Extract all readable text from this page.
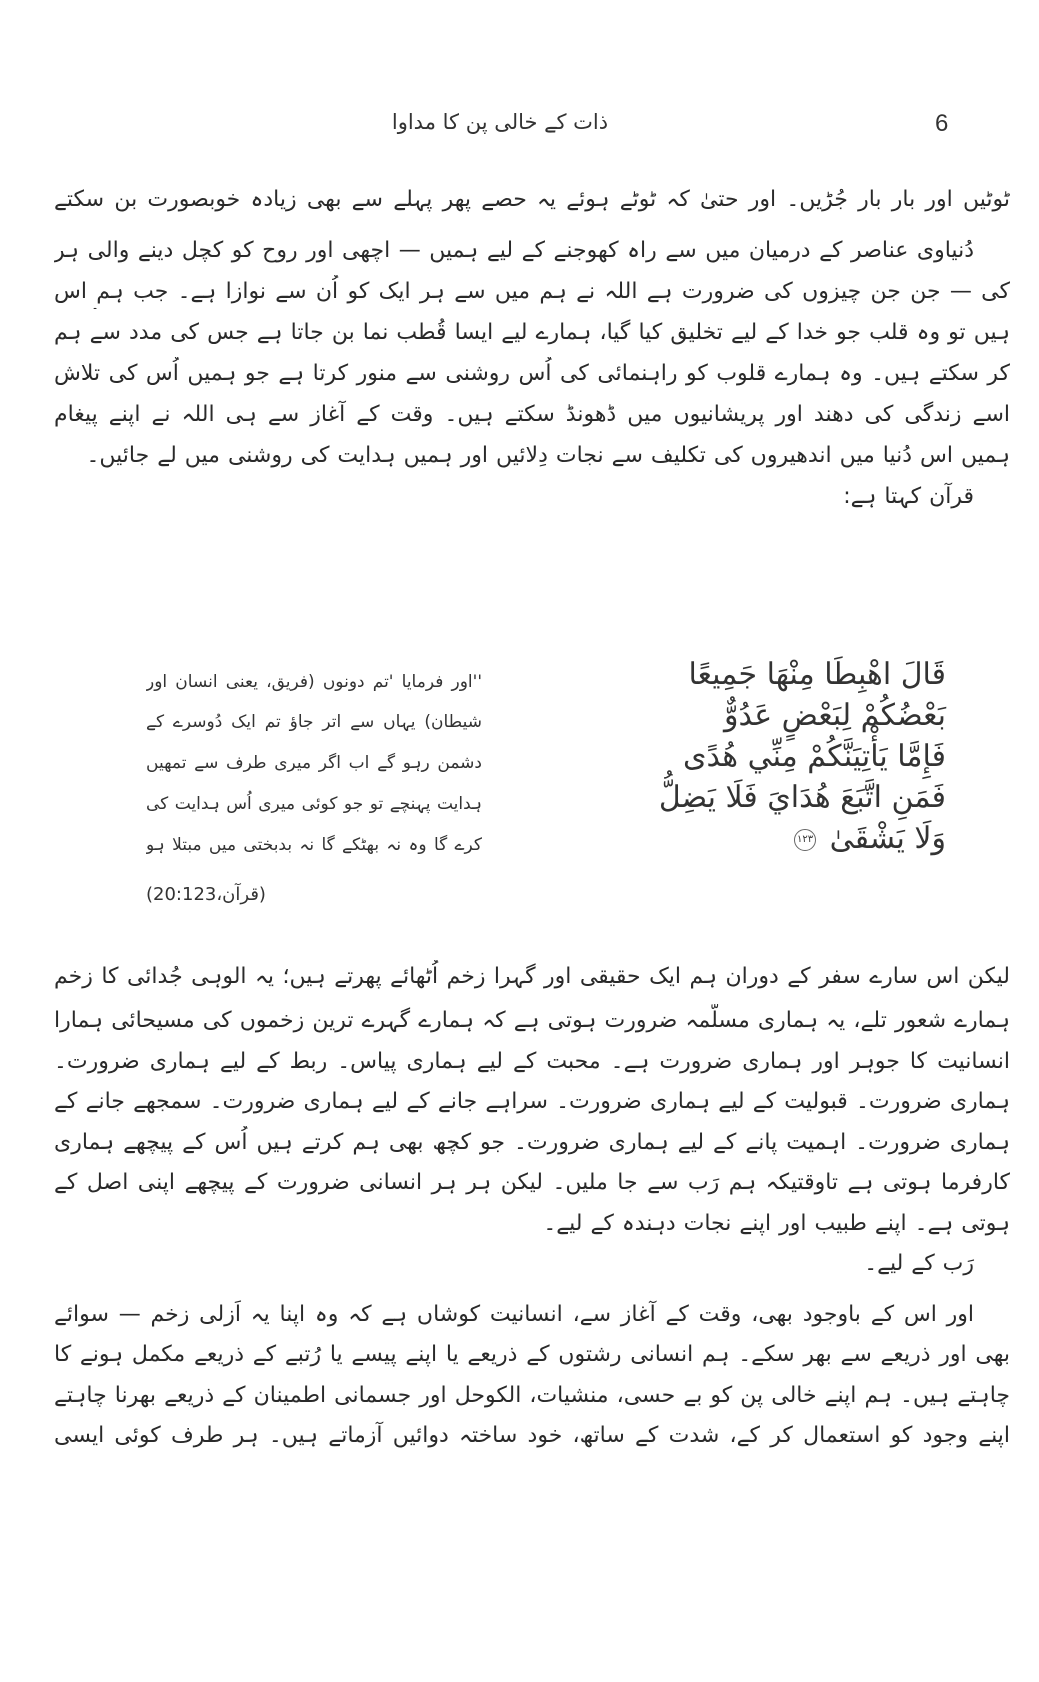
6
ذات کے خالی پن کا مداوا
ٹوٹیں اور بار بار جُڑیں۔ اور حتیٰ کہ ٹوٹے ہوئے یہ حصے پھر پہلے سے بھی زیادہ خوبصورت بن سکتے
دُنیاوی عناصر کے درمیان میں سے راہ کھوجنے کے لیے ہمیں — اچھی اور روح کو کچل دینے والی ہر
کی — جن جن چیزوں کی ضرورت ہے اللہ نے ہم میں سے ہر ایک کو اُن سے نوازا ہے۔ جب ہم اس
ہیں تو وہ قلب جو خدا کے لیے تخلیق کیا گیا، ہمارے لیے ایسا قُطب نما بن جاتا ہے جس کی مدد سے ہم
کر سکتے ہیں۔ وہ ہمارے قلوب کو راہنمائی کی اُس روشنی سے منور کرتا ہے جو ہمیں اُس کی تلاش
اسے زندگی کی دھند اور پریشانیوں میں ڈھونڈ سکتے ہیں۔ وقت کے آغاز سے ہی اللہ نے اپنے پیغام
ہمیں اس دُنیا میں اندھیروں کی تکلیف سے نجات دِلائیں اور ہمیں ہدایت کی روشنی میں لے جائیں۔
قرآن کہتا ہے:
قَالَ اهْبِطَا مِنْهَا جَمِيعًا
بَعْضُكُمْ لِبَعْضٍ عَدُوٌّ
فَإِمَّا يَأْتِيَنَّكُمْ مِنِّي هُدًى
فَمَنِ اتَّبَعَ هُدَايَ فَلَا يَضِلُّ
وَلَا يَشْقَىٰ ١٢٣
''اور فرمایا 'تم دونوں (فریق، یعنی انسان اور
شیطان) یہاں سے اتر جاؤ تم ایک دُوسرے کے
دشمن رہو گے اب اگر میری طرف سے تمھیں
ہدایت پہنچے تو جو کوئی میری اُس ہدایت کی
کرے گا وہ نہ بھٹکے گا نہ بدبختی میں مبتلا ہو
(قرآن،20:123)
لیکن اس سارے سفر کے دوران ہم ایک حقیقی اور گہرا زخم اُٹھائے پھرتے ہیں؛ یہ الوہی جُدائی کا زخم
ہمارے شعور تلے، یہ ہماری مسلّمہ ضرورت ہوتی ہے کہ ہمارے گہرے ترین زخموں کی مسیحائی ہمارا
انسانیت کا جوہر اور ہماری ضرورت ہے۔ محبت کے لیے ہماری پیاس۔ ربط کے لیے ہماری ضرورت۔
ہماری ضرورت۔ قبولیت کے لیے ہماری ضرورت۔ سراہے جانے کے لیے ہماری ضرورت۔ سمجھے جانے کے
ہماری ضرورت۔ اہمیت پانے کے لیے ہماری ضرورت۔ جو کچھ بھی ہم کرتے ہیں اُس کے پیچھے ہماری
کارفرما ہوتی ہے تاوقتیکہ ہم رَب سے جا ملیں۔ لیکن ہر ہر انسانی ضرورت کے پیچھے اپنی اصل کے
ہوتی ہے۔ اپنے طبیب اور اپنے نجات دہندہ کے لیے۔
رَب کے لیے۔
اور اس کے باوجود بھی، وقت کے آغاز سے، انسانیت کوشاں ہے کہ وہ اپنا یہ اَزلی زخم — سوائے
بھی اور ذریعے سے بھر سکے۔ ہم انسانی رشتوں کے ذریعے یا اپنے پیسے یا رُتبے کے ذریعے مکمل ہونے کا
چاہتے ہیں۔ ہم اپنے خالی پن کو بے حسی، منشیات، الکوحل اور جسمانی اطمینان کے ذریعے بھرنا چاہتے
اپنے وجود کو استعمال کر کے، شدت کے ساتھ، خود ساختہ دوائیں آزماتے ہیں۔ ہر طرف کوئی ایسی
